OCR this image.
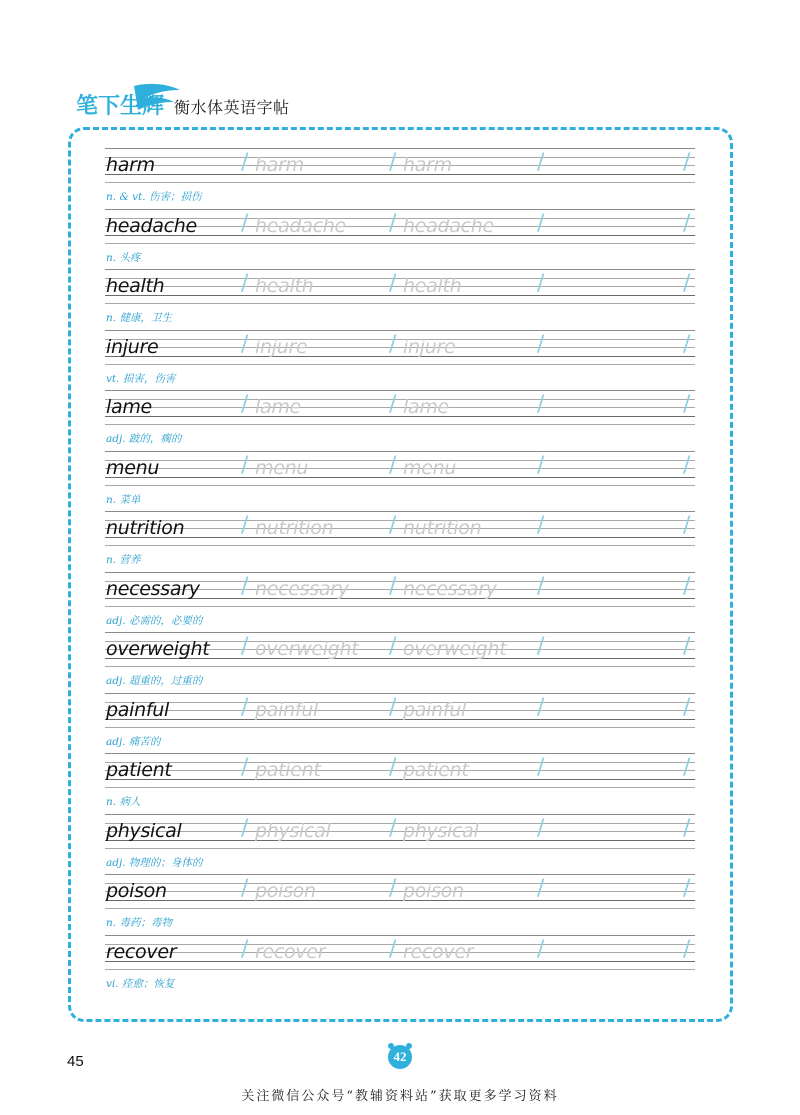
笔下生辉 衡水体英语字帖
harm	/	/	/	/
harm	harm
n. & vt. 伤害；损伤
headache /	/	/	/
headache	headache
n. 头疼
health	/	/	/	/
health	health
n. 健康，卫生
injure	/	/	/	/
injure	injure
vt. 损害，伤害
lame	/	/	/	/
lame	lame
adj. 跛的，瘸的
menu	/	/	/	/
menu	menu
n. 菜单
nutrition	/	/	/	/
nutrition	nutrition
n. 营养
necessary /	/	/	/
necessary	necessary
adj. 必需的，必要的
overweight /	/	/	/
overweight	overweight
adj. 超重的，过重的
painful	/	/	/	/
painful	painful
adj. 痛苦的
patient	/	/	/	/
patient	patient
n. 病人
physical	/	/	/	/
physical	physical
adj. 物理的；身体的
poison	/	/	/	/
poison	poison
n. 毒药；毒物
recover	/	/	/	/
recover	recover
vi. 痊愈；恢复
45	42
关注微信公众号“教辅资料站”获取更多学习资料
